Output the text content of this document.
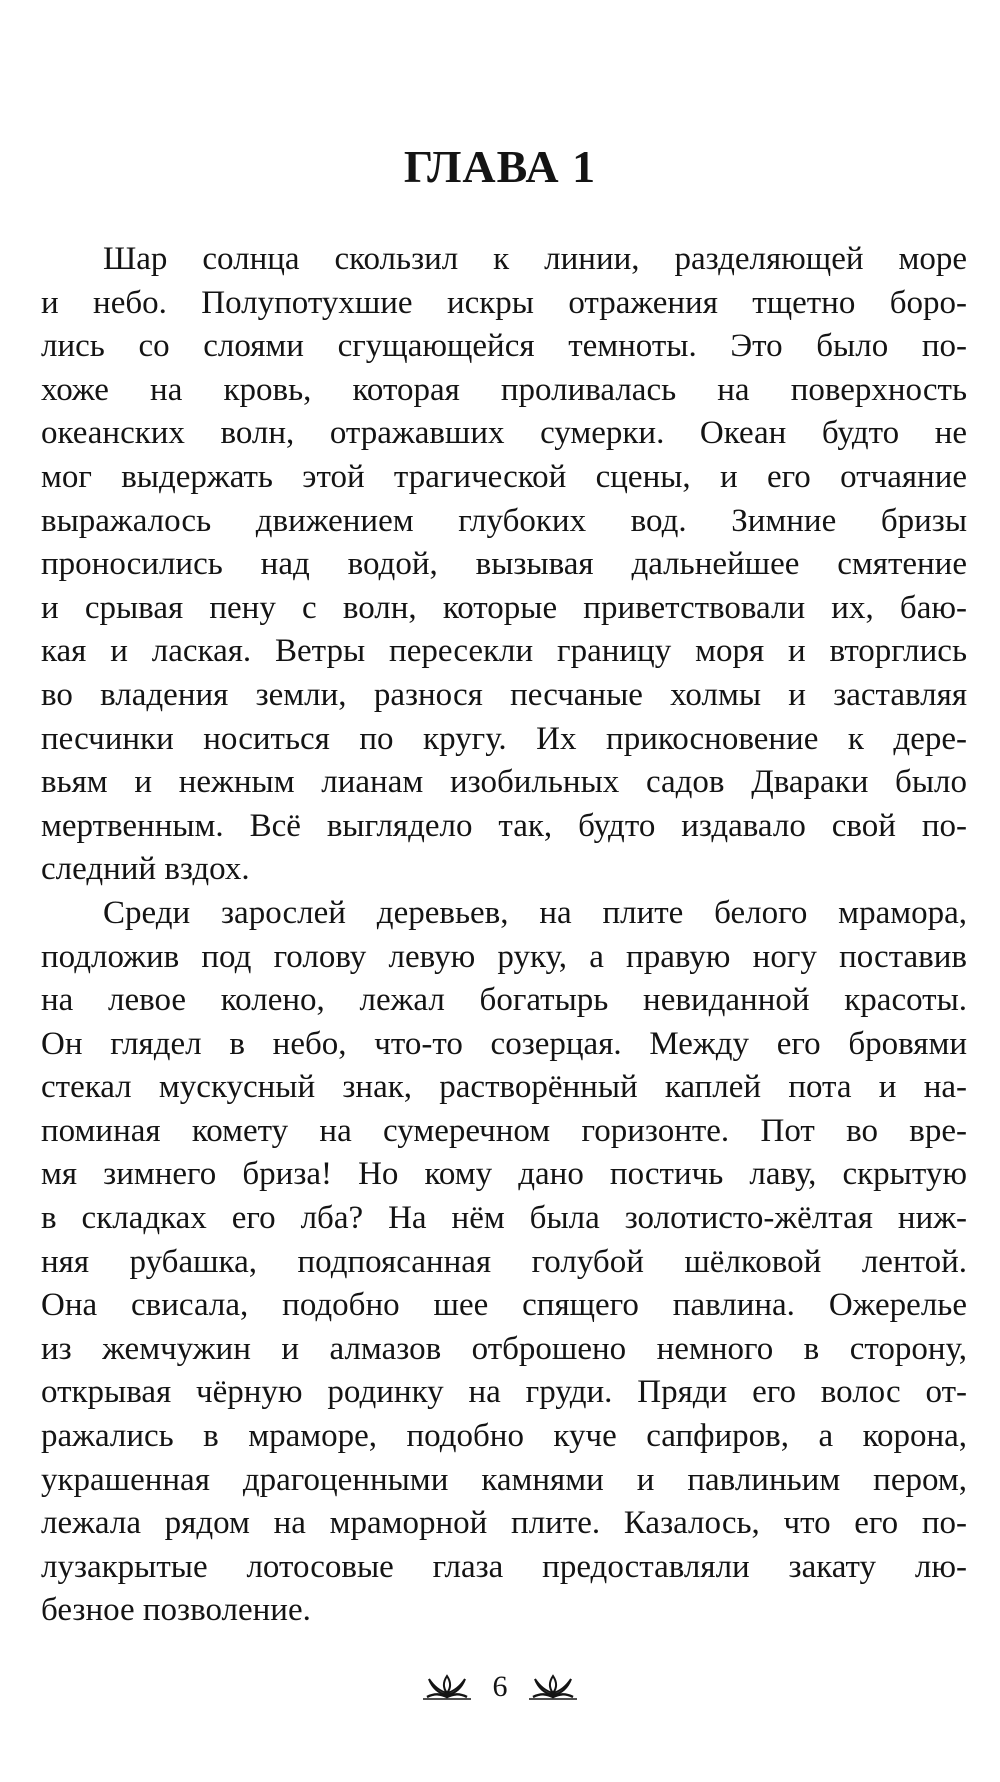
ГЛАВА 1
Шар солнца скользил к линии, разделяющей море
и небо. Полупотухшие искры отражения тщетно боро-
лись со слоями сгущающейся темноты. Это было по-
хоже на кровь, которая проливалась на поверхность
океанских волн, отражавших сумерки. Океан будто не
мог выдержать этой трагической сцены, и его отчаяние
выражалось движением глубоких вод. Зимние бризы
проносились над водой, вызывая дальнейшее смятение
и срывая пену с волн, которые приветствовали их, баю-
кая и лаская. Ветры пересекли границу моря и вторглись
во владения земли, разнося песчаные холмы и заставляя
песчинки носиться по кругу. Их прикосновение к дере-
вьям и нежным лианам изобильных садов Двараки было
мертвенным. Всё выглядело так, будто издавало свой по-
следний вздох.
Среди зарослей деревьев, на плите белого мрамора,
подложив под голову левую руку, а правую ногу поставив
на левое колено, лежал богатырь невиданной красоты.
Он глядел в небо, что-то созерцая. Между его бровями
стекал мускусный знак, растворённый каплей пота и на-
поминая комету на сумеречном горизонте. Пот во вре-
мя зимнего бриза! Но кому дано постичь лаву, скрытую
в складках его лба? На нём была золотисто-жёлтая ниж-
няя рубашка, подпоясанная голубой шёлковой лентой.
Она свисала, подобно шее спящего павлина. Ожерелье
из жемчужин и алмазов отброшено немного в сторону,
открывая чёрную родинку на груди. Пряди его волос от-
ражались в мраморе, подобно куче сапфиров, а корона,
украшенная драгоценными камнями и павлиньим пером,
лежала рядом на мраморной плите. Казалось, что его по-
лузакрытые лотосовые глаза предоставляли закату лю-
безное позволение.
6
